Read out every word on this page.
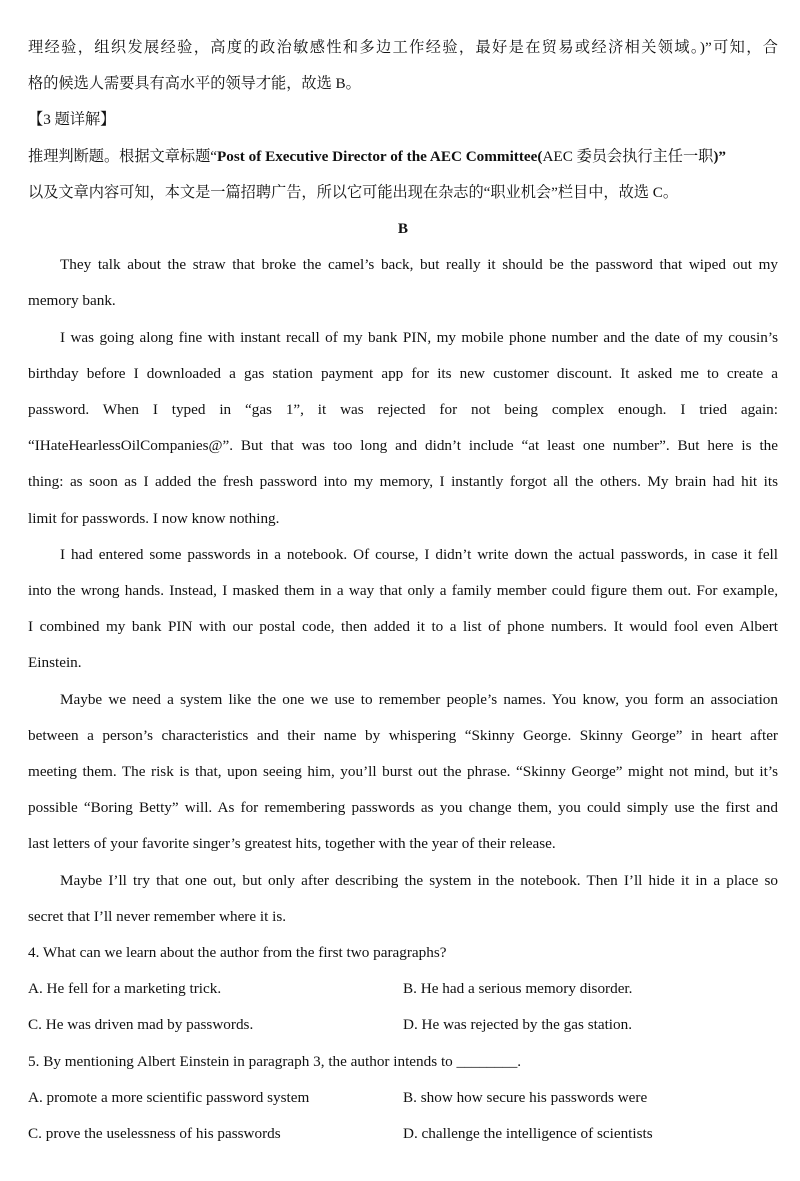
理经验，组织发展经验，高度的政治敏感性和多边工作经验，最好是在贸易或经济相关领域。)”可知，合
格的候选人需要具有高水平的领导才能，故选 B。
【3 题详解】
推理判断题。根据文章标题“Post of Executive Director of the AEC Committee(AEC 委员会执行主任一职)”
以及文章内容可知，本文是一篇招聘广告，所以它可能出现在杂志的“职业机会”栏目中，故选 C。
B
They talk about the straw that broke the camel’s back, but really it should be the password that wiped out my
memory bank.
I was going along fine with instant recall of my bank PIN, my mobile phone number and the date of my cousin’s
birthday before I downloaded a gas station payment app for its new customer discount. It asked me to create a
password. When I typed in “gas 1”, it was rejected for not being complex enough. I tried again:
“IHateHearlessOilCompanies@”. But that was too long and didn’t include “at least one number”. But here is the
thing: as soon as I added the fresh password into my memory, I instantly forgot all the others. My brain had hit its
limit for passwords. I now know nothing.
I had entered some passwords in a notebook. Of course, I didn’t write down the actual passwords, in case it fell
into the wrong hands. Instead, I masked them in a way that only a family member could figure them out. For example,
I combined my bank PIN with our postal code, then added it to a list of phone numbers. It would fool even Albert
Einstein.
Maybe we need a system like the one we use to remember people’s names. You know, you form an association
between a person’s characteristics and their name by whispering “Skinny George. Skinny George” in heart after
meeting them. The risk is that, upon seeing him, you’ll burst out the phrase. “Skinny George” might not mind, but it’s
possible “Boring Betty” will. As for remembering passwords as you change them, you could simply use the first and
last letters of your favorite singer’s greatest hits, together with the year of their release.
Maybe I’ll try that one out, but only after describing the system in the notebook. Then I’ll hide it in a place so
secret that I’ll never remember where it is.
4. What can we learn about the author from the first two paragraphs?
A. He fell for a marketing trick.	B. He had a serious memory disorder.
C. He was driven mad by passwords.	D. He was rejected by the gas station.
5. By mentioning Albert Einstein in paragraph 3, the author intends to ________.
A. promote a more scientific password system	B. show how secure his passwords were
C. prove the uselessness of his passwords	D. challenge the intelligence of scientists
